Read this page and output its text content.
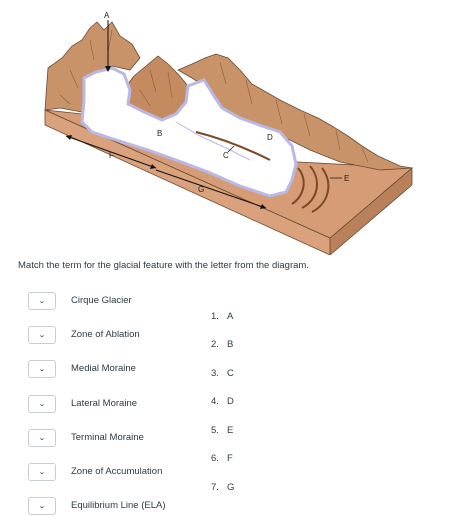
A
B
C
D
E
F
G

Match the term for the glacial feature with the letter from the diagram.

⌄	Cirque Glacier
⌄	Zone of Ablation
⌄	Medial Moraine
⌄	Lateral Moraine
⌄	Terminal Moraine
⌄	Zone of Accumulation
⌄	Equilibrium Line (ELA)
1. A
2. B
3. C
4. D
5. E
6. F
7. G
